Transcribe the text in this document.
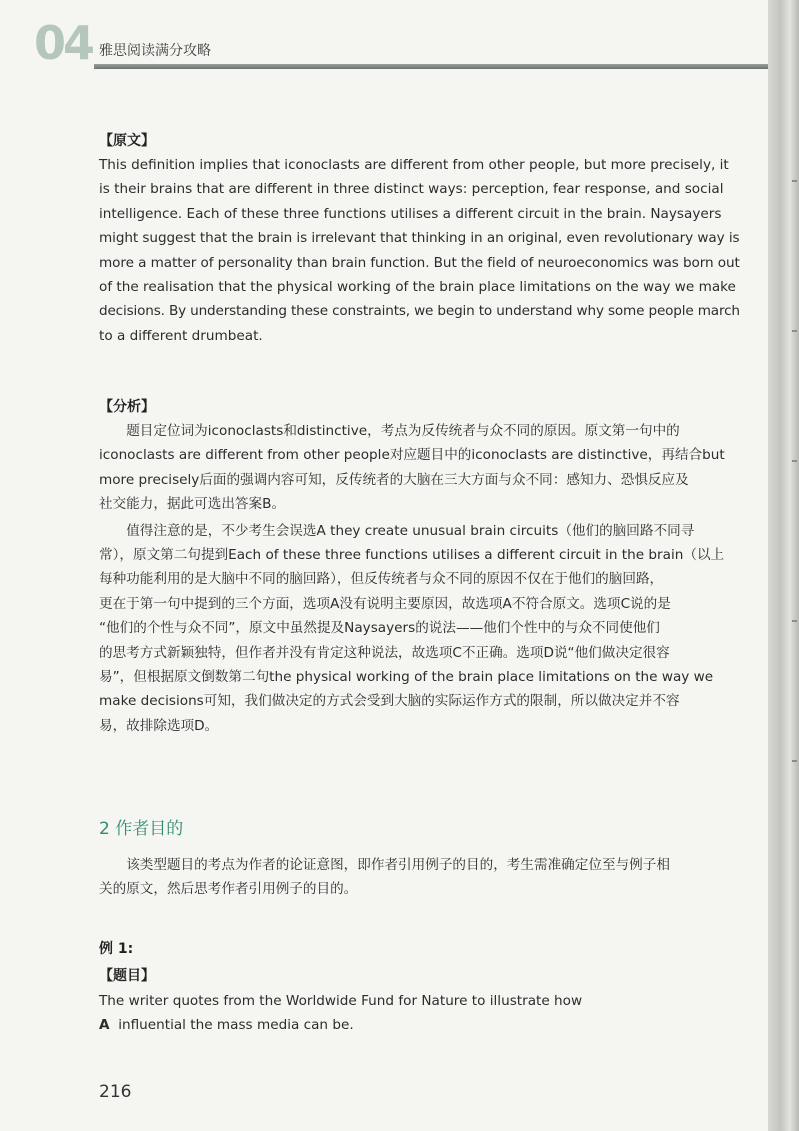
04 雅思阅读满分攻略
【原文】
This definition implies that iconoclasts are different from other people, but more precisely, it
is their brains that are different in three distinct ways: perception, fear response, and social
intelligence. Each of these three functions utilises a different circuit in the brain. Naysayers
might suggest that the brain is irrelevant that thinking in an original, even revolutionary way is
more a matter of personality than brain function. But the field of neuroeconomics was born out
of the realisation that the physical working of the brain place limitations on the way we make
decisions. By understanding these constraints, we begin to understand why some people march
to a different drumbeat.
【分析】
题目定位词为iconoclasts和distinctive，考点为反传统者与众不同的原因。原文第一句中的
iconoclasts are different from other people对应题目中的iconoclasts are distinctive，再结合but
more precisely后面的强调内容可知，反传统者的大脑在三大方面与众不同：感知力、恐惧反应及
社交能力，据此可选出答案B。
值得注意的是，不少考生会误选A they create unusual brain circuits（他们的脑回路不同寻
常），原文第二句提到Each of these three functions utilises a different circuit in the brain（以上
每种功能利用的是大脑中不同的脑回路），但反传统者与众不同的原因不仅在于他们的脑回路，
更在于第一句中提到的三个方面，选项A没有说明主要原因，故选项A不符合原文。选项C说的是
“他们的个性与众不同”，原文中虽然提及Naysayers的说法——他们个性中的与众不同使他们
的思考方式新颖独特，但作者并没有肯定这种说法，故选项C不正确。选项D说“他们做决定很容
易”，但根据原文倒数第二句the physical working of the brain place limitations on the way we
make decisions可知，我们做决定的方式会受到大脑的实际运作方式的限制，所以做决定并不容
易，故排除选项D。
2 作者目的
该类型题目的考点为作者的论证意图，即作者引用例子的目的，考生需准确定位至与例子相
关的原文，然后思考作者引用例子的目的。
例 1:
【题目】
The writer quotes from the Worldwide Fund for Nature to illustrate how
A influential the mass media can be.
216
